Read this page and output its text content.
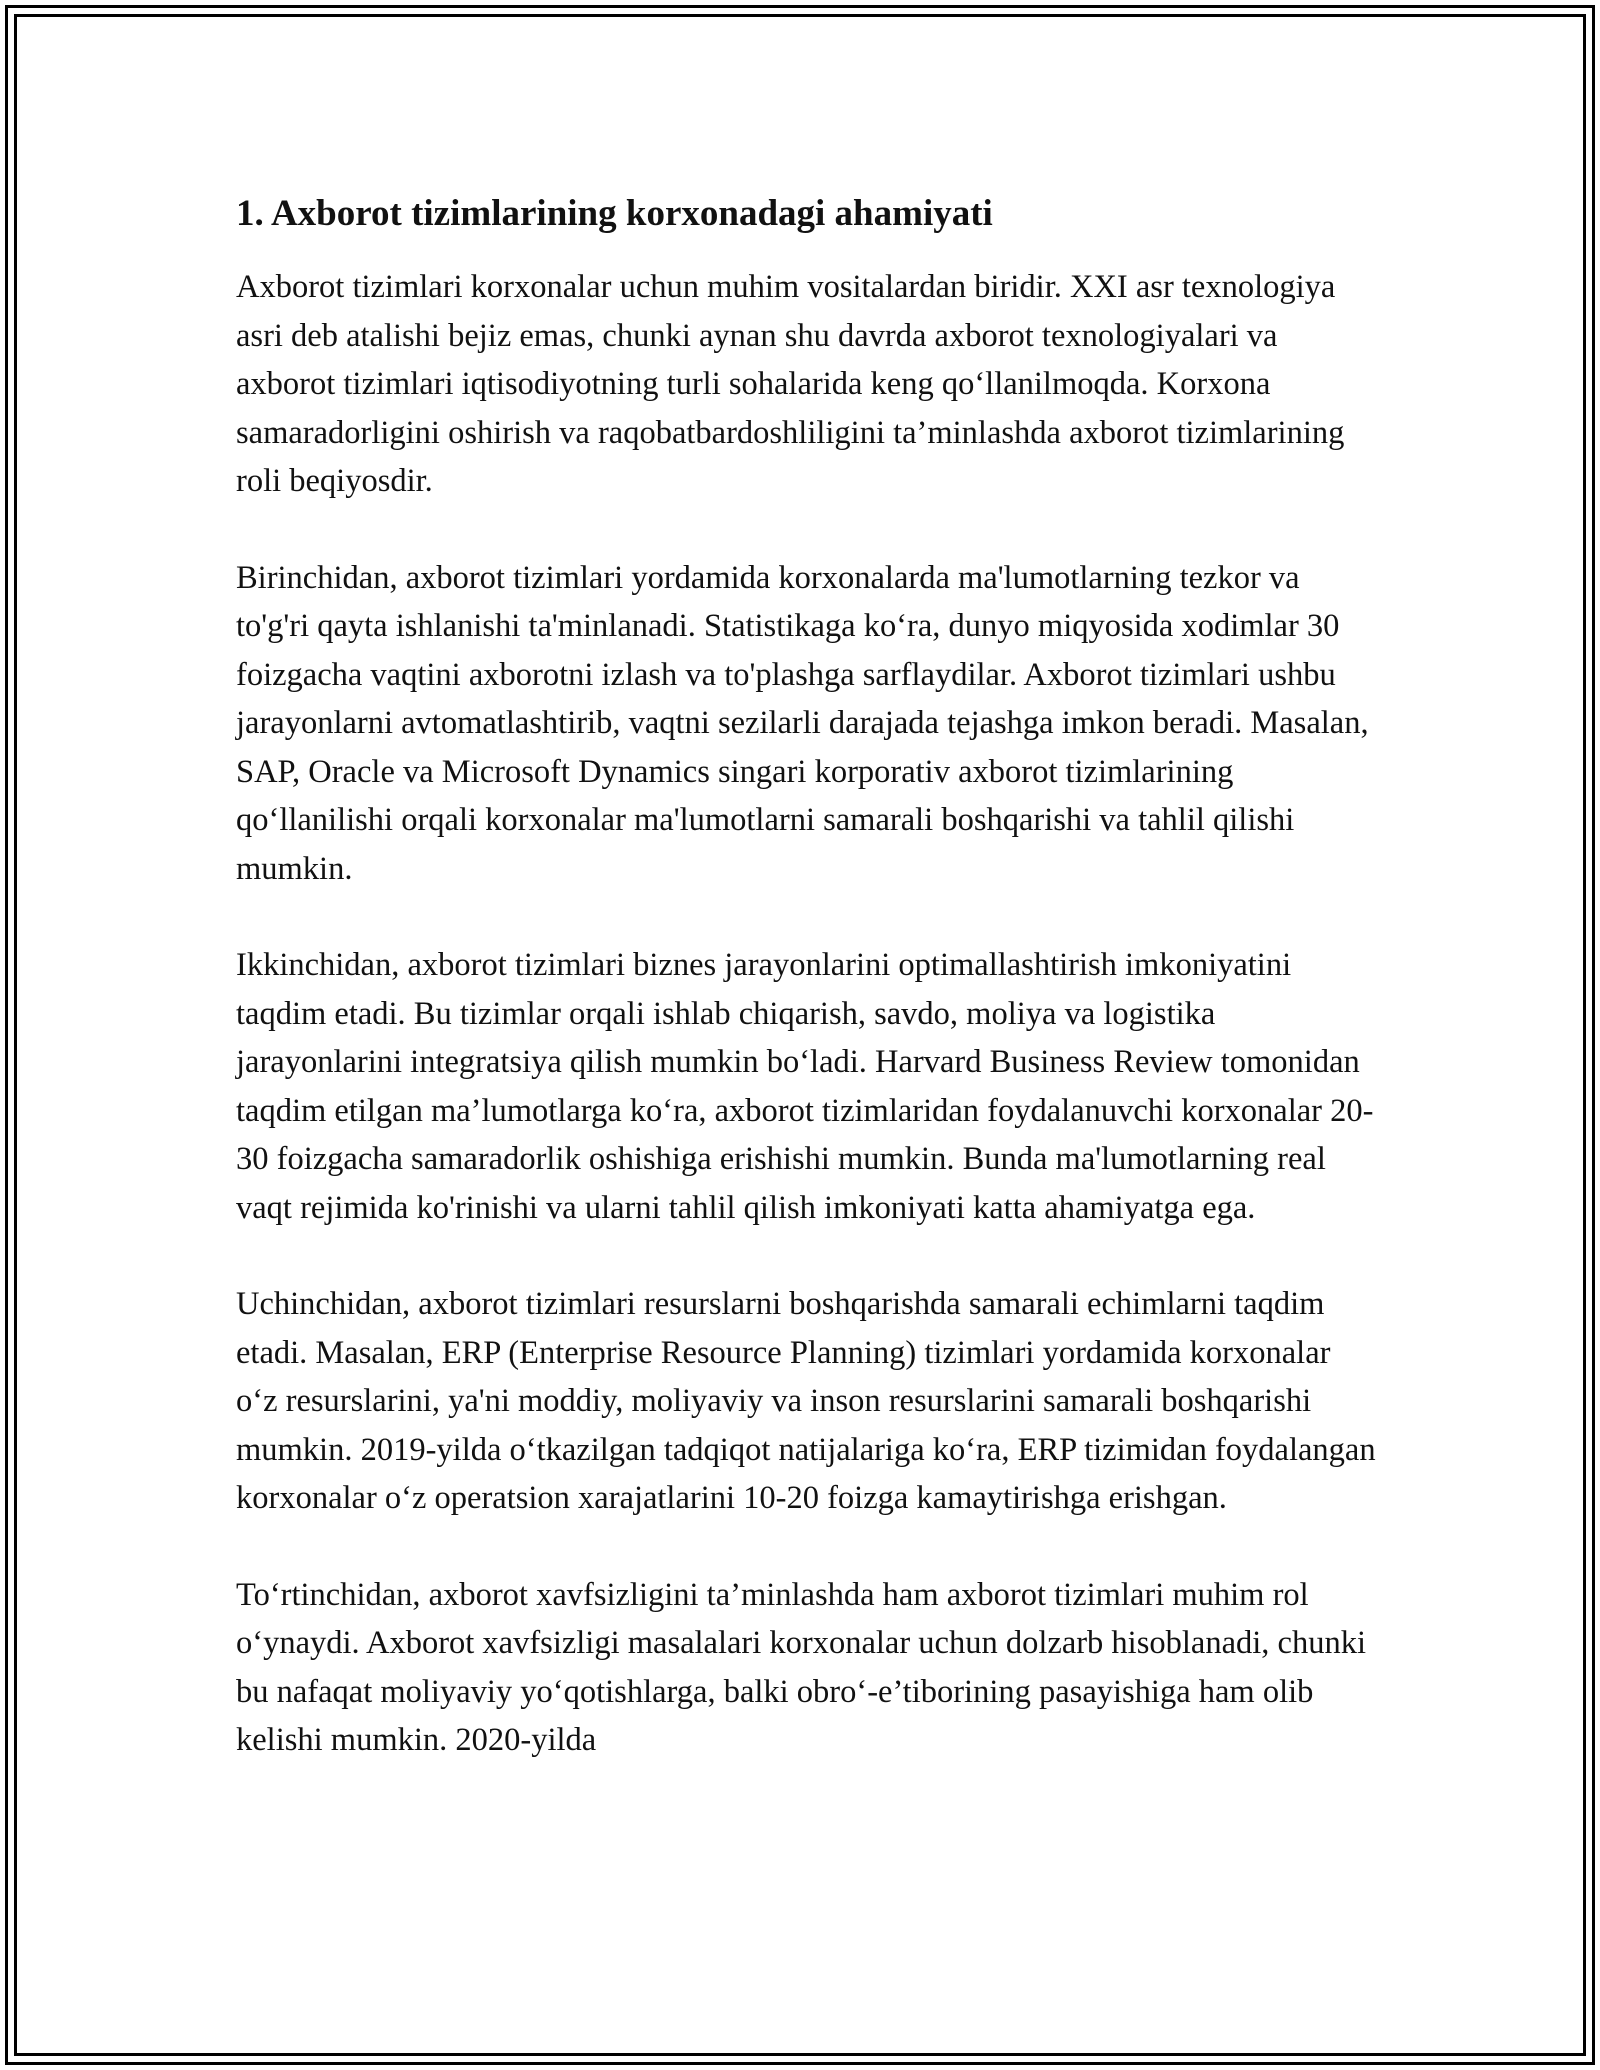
1. Axborot tizimlarining korxonadagi ahamiyati

Axborot tizimlari korxonalar uchun muhim vositalardan biridir. XXI asr texnologiya asri deb atalishi bejiz emas, chunki aynan shu davrda axborot texnologiyalari va axborot tizimlari iqtisodiyotning turli sohalarida keng qo‘llanilmoqda. Korxona samaradorligini oshirish va raqobatbardoshliligini ta’minlashda axborot tizimlarining roli beqiyosdir.

Birinchidan, axborot tizimlari yordamida korxonalarda ma'lumotlarning tezkor va to'g'ri qayta ishlanishi ta'minlanadi. Statistikaga ko‘ra, dunyo miqyosida xodimlar 30 foizgacha vaqtini axborotni izlash va to'plashga sarflaydilar. Axborot tizimlari ushbu jarayonlarni avtomatlashtirib, vaqtni sezilarli darajada tejashga imkon beradi. Masalan, SAP, Oracle va Microsoft Dynamics singari korporativ axborot tizimlarining qo‘llanilishi orqali korxonalar ma'lumotlarni samarali boshqarishi va tahlil qilishi mumkin.

Ikkinchidan, axborot tizimlari biznes jarayonlarini optimallashtirish imkoniyatini taqdim etadi. Bu tizimlar orqali ishlab chiqarish, savdo, moliya va logistika jarayonlarini integratsiya qilish mumkin bo‘ladi. Harvard Business Review tomonidan taqdim etilgan ma’lumotlarga ko‘ra, axborot tizimlaridan foydalanuvchi korxonalar 20-30 foizgacha samaradorlik oshishiga erishishi mumkin. Bunda ma'lumotlarning real vaqt rejimida ko'rinishi va ularni tahlil qilish imkoniyati katta ahamiyatga ega.

Uchinchidan, axborot tizimlari resurslarni boshqarishda samarali echimlarni taqdim etadi. Masalan, ERP (Enterprise Resource Planning) tizimlari yordamida korxonalar o‘z resurslarini, ya'ni moddiy, moliyaviy va inson resurslarini samarali boshqarishi mumkin. 2019-yilda o‘tkazilgan tadqiqot natijalariga ko‘ra, ERP tizimidan foydalangan korxonalar o‘z operatsion xarajatlarini 10-20 foizga kamaytirishga erishgan.

To‘rtinchidan, axborot xavfsizligini ta’minlashda ham axborot tizimlari muhim rol o‘ynaydi. Axborot xavfsizligi masalalari korxonalar uchun dolzarb hisoblanadi, chunki bu nafaqat moliyaviy yo‘qotishlarga, balki obro‘-e’tiborining pasayishiga ham olib kelishi mumkin. 2020-yilda
